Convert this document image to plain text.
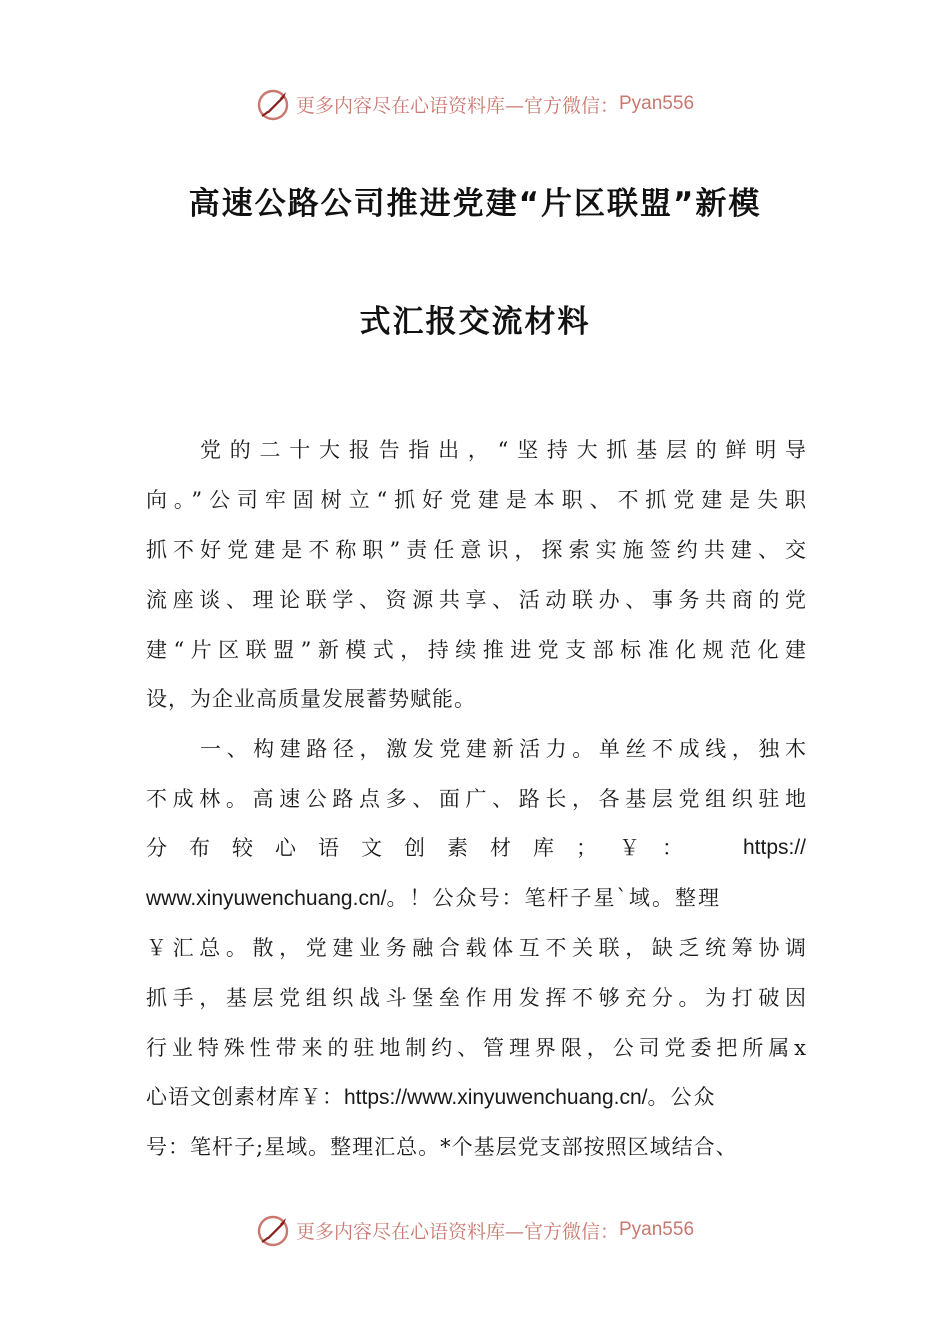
更多内容尽在心语资料库—官方微信： Pyan556
高速公路公司推进党建“片区联盟”新模
式汇报交流材料
党的二十大报告指出，“坚持大抓基层的鲜明导
向。”公司牢固树立“抓好党建是本职、不抓党建是失职
抓不好党建是不称职”责任意识，探索实施签约共建、交
流座谈、理论联学、资源共享、活动联办、事务共商的党
建“片区联盟”新模式，持续推进党支部标准化规范化建
设，为企业高质量发展蓄势赋能。
一、构建路径，激发党建新活力。单丝不成线，独木
不成林。高速公路点多、面广、路长，各基层党组织驻地
分布较心语文创素材库；￥： https://
www.xinyuwenchuang.cn/。！公众号：笔杆子星`域。整理
￥汇总。散，党建业务融合载体互不关联，缺乏统筹协调
抓手，基层党组织战斗堡垒作用发挥不够充分。为打破因
行业特殊性带来的驻地制约、管理界限，公司党委把所属x
心语文创素材库￥：https://www.xinyuwenchuang.cn/。公众
号：笔杆子;星域。整理汇总。*个基层党支部按照区域结合、
更多内容尽在心语资料库—官方微信： Pyan556
